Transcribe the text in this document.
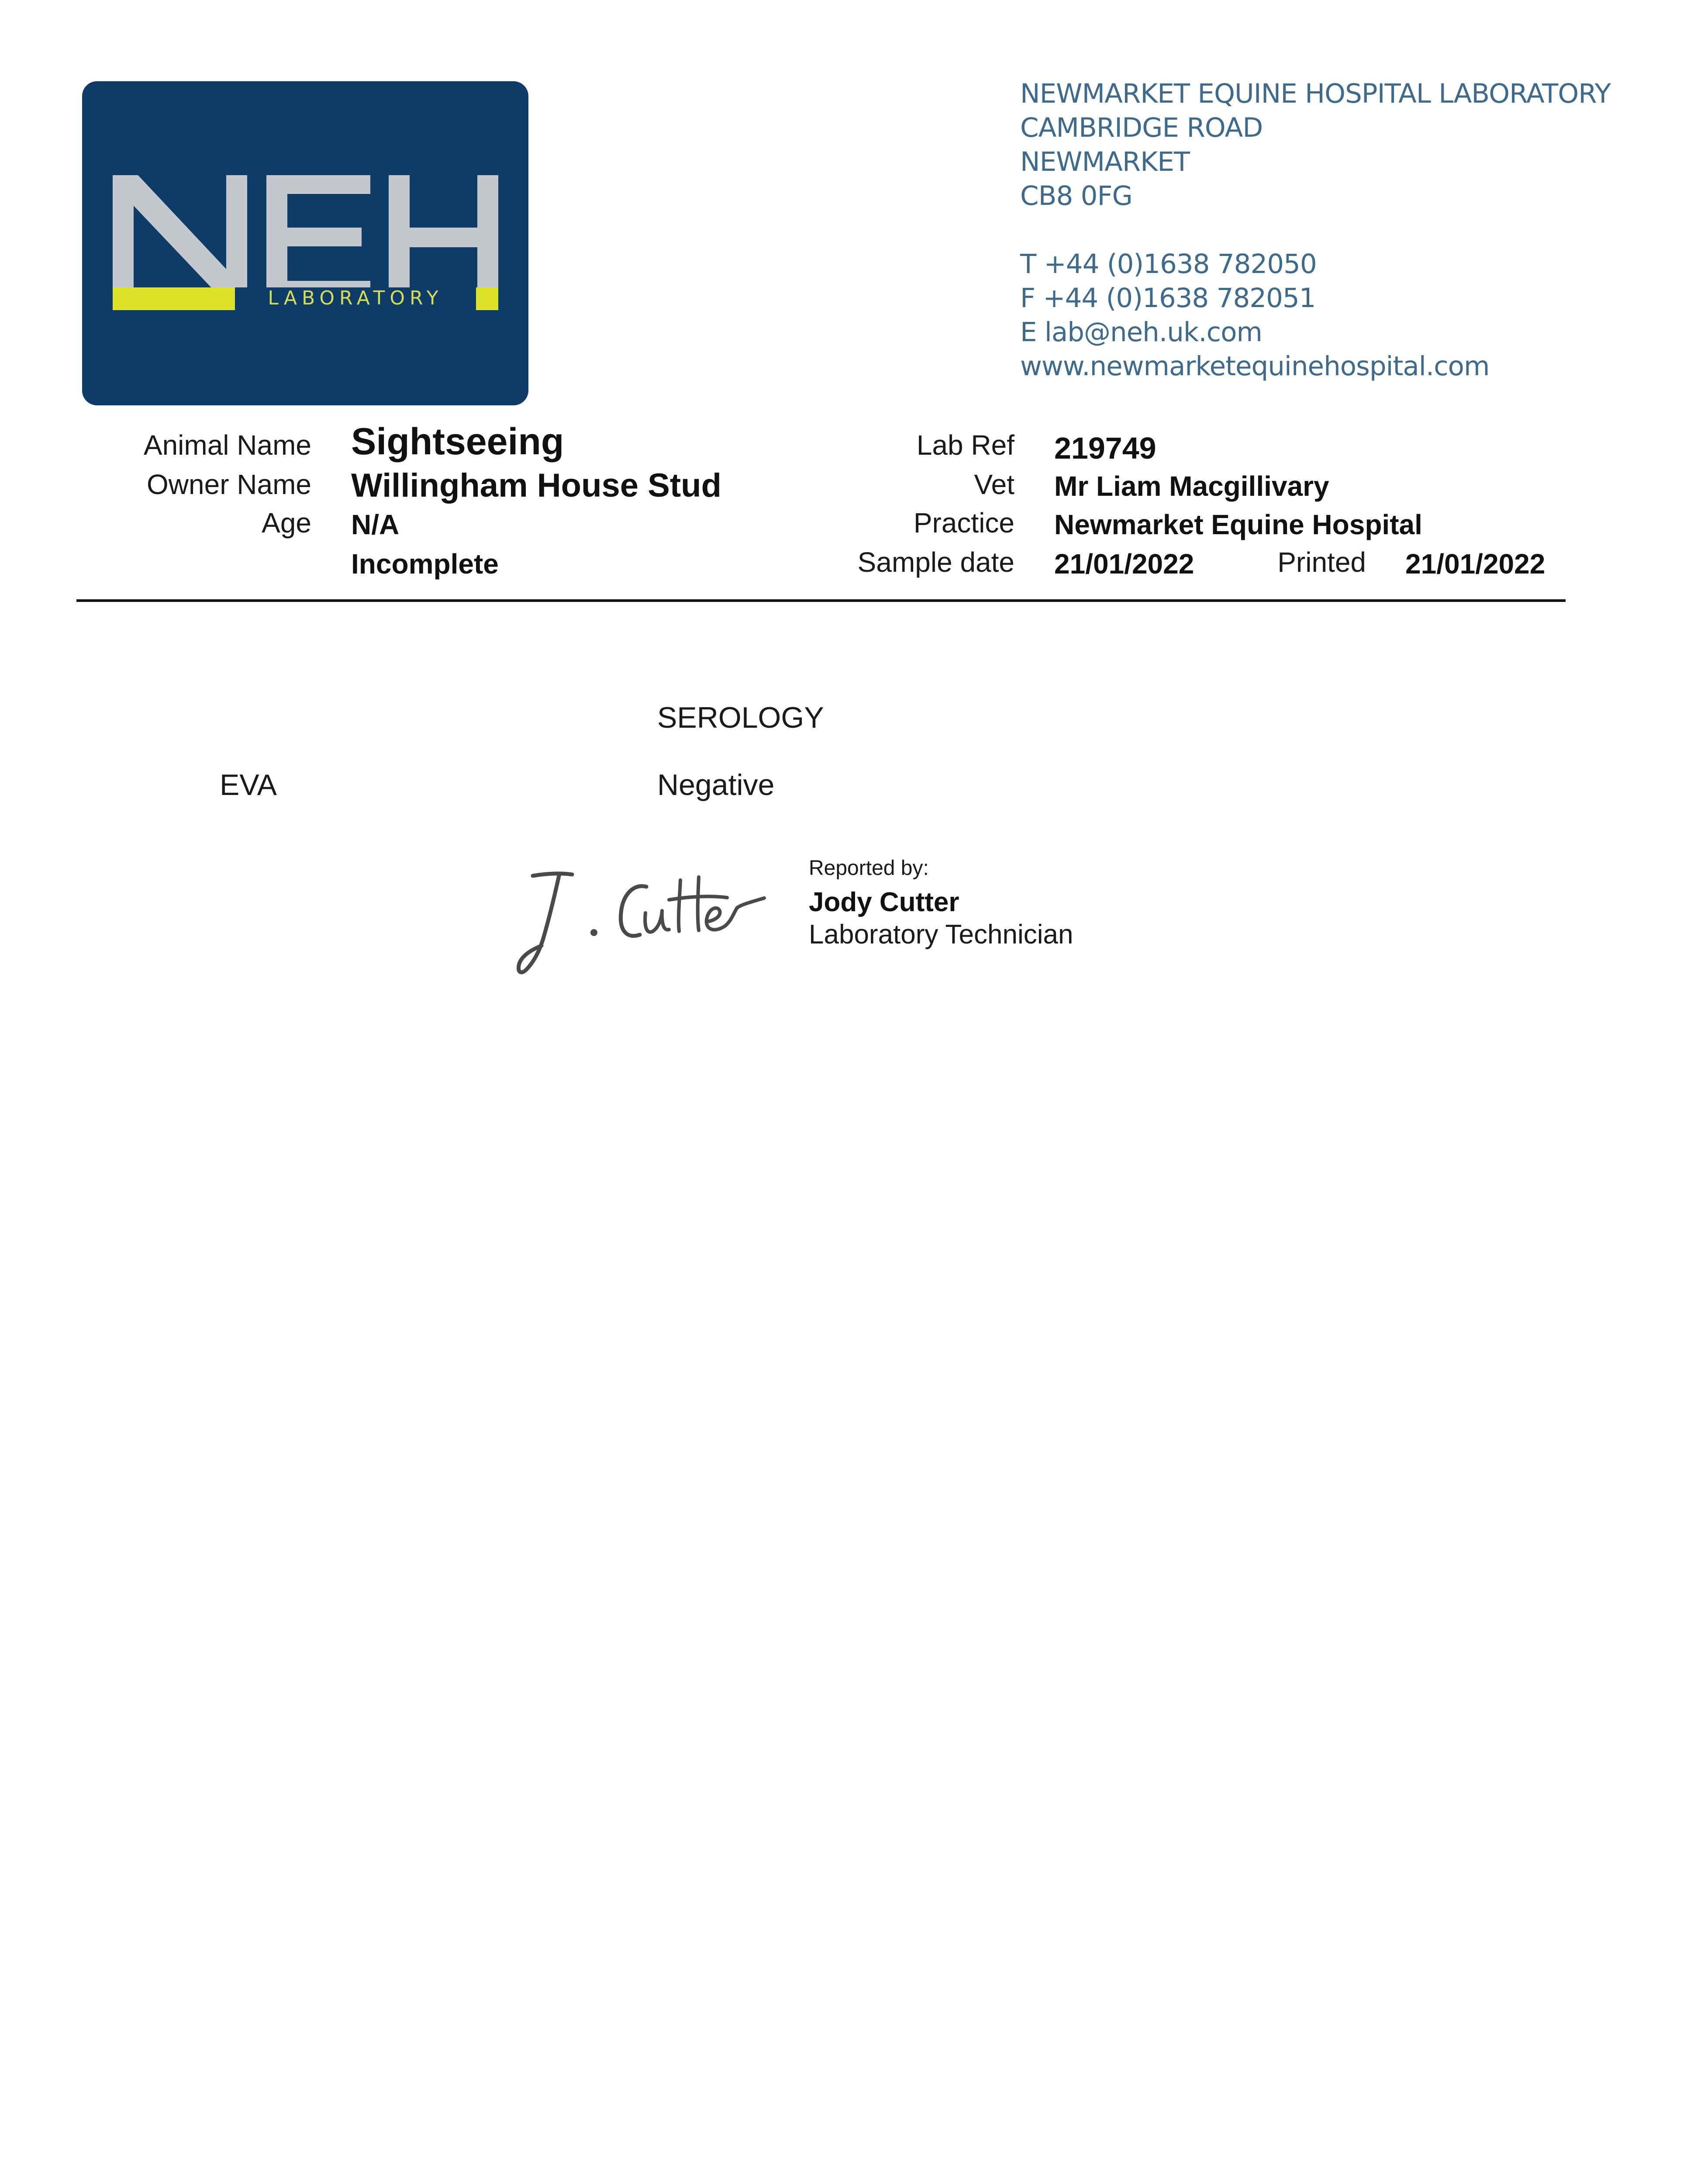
LABORATORY
NEWMARKET EQUINE HOSPITAL LABORATORY
CAMBRIDGE ROAD
NEWMARKET
CB8 0FG
T +44 (0)1638 782050
F +44 (0)1638 782051
E lab@neh.uk.com
www.newmarketequinehospital.com
Animal Name Sightseeing
Owner Name Willingham House Stud
Age N/A
Incomplete
Lab Ref 219749
Vet Mr Liam Macgillivary
Practice Newmarket Equine Hospital
Sample date 21/01/2022	Printed 21/01/2022
SEROLOGY
EVA	Negative
Reported by:
Jody Cutter
Laboratory Technician
